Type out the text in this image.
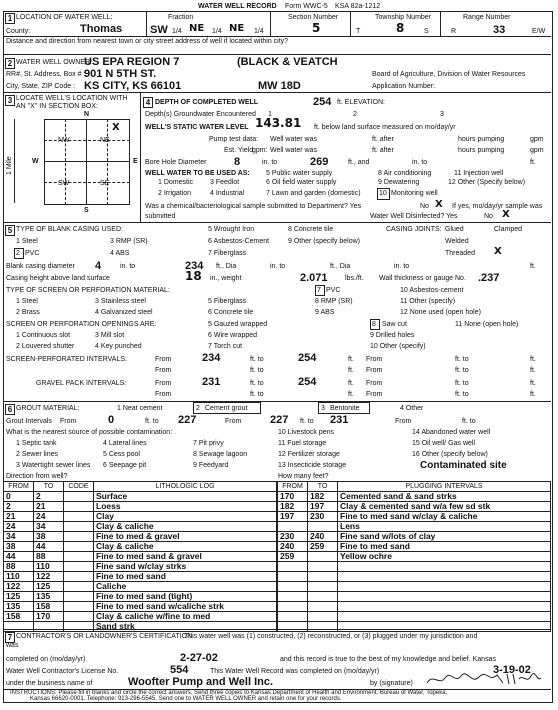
WATER WELL RECORD Form WWC-5 KSA 82a-1212
1 LOCATION OF WATER WELL:
County:	Thomas
Fraction
SW 1/4 NE 1/4 NE 1/4
Section Number
5
Township Number
T	8	S
Range Number
R	33	E/W
Distance and direction from nearest town or city street address of well if located within city?
2 WATER WELL OWNER:
US EPA REGION 7	(BLACK & VEATCH
RR#, St. Address, Box # :
901 N 5TH ST.	Board of Agriculture, Division of Water Resources
City, State, ZIP Code : KS CITY, KS 66101	MW 18D	Application Number:
3 LOCATE WELL'S LOCATION WITH AN "X" IN SECTION BOX:
N
NW	NE
SW	SE
X
W	E
S
1 Mile
4 DEPTH OF COMPLETED WELL	254 ft. ELEVATION:
Depth(s) Groundwater Encountered 1	2	3
WELL'S STATIC WATER LEVEL 143.81 ft. below land surface measured on mo/day/yr
Pump test data: Well water was	ft. after	hours pumping	gpm
Est. Yield
gpm: Well water was	ft. after	hours pumping	gpm
Bore Hole Diameter	8	in. to	269	ft., and	in. to	ft.
WELL WATER TO BE USED AS: 5 Public water supply	8 Air conditioning	11 Injection well
1 Domestic 3 Feedlot	6 Oil field water supply	9 Dewatering	12 Other (Specify below)
2 Irrigation	4 Industrial	7 Lawn and garden (domestic)	10 Monitoring well
Was a chemical/bacteriological sample submitted to Department? Yes	No X If yes, mo/day/yr sample was
submitted	Water Well Disinfected? Yes	No X
5 TYPE OF BLANK CASING USED:	5 Wrought Iron	8 Concrete tile	CASING JOINTS: Glued	Clamped
1 Steel	3 RMP (SR)	6 Asbestos-Cement	9 Other (specify below)	Welded
2 PVC	4 ABS	7 Fiberglass	Threaded X
Blank casing diameter 4	in. to	234 ft., Dia	in. to	ft., Dia	in. to	ft.
Casing height above land surface	18 in., weight	2.071 lbs./ft. Wall thickness or gauge No. .237
TYPE OF SCREEN OR PERFORATION MATERIAL:	7 PVC
1 Steel	3 Stainless steel	5 Fiberglass	8 RMP (SR)
10 Asbestos-cement
2 Brass	4 Galvanized steel	6 Concrete tile	9 ABS
11 Other (specify)
12 None used (open hole)
SCREEN OR PERFORATION OPENINGS ARE:	5 Gauzed wrapped	8 Saw cut	11 None (open hole)
1 Continuous slot	3 Mill slot	6 Wire wrapped	9 Drilled holes
2 Louvered shutter	4 Key punched	7 Torch cut	10 Other (specify)
SCREEN-PERFORATED INTERVALS:	From	234	ft. to	254	ft. From	ft. to	ft.
From	ft. to	ft. From	ft. to	ft.
GRAVEL PACK INTERVALS:	From	231	ft. to	254	ft. From	ft. to	ft.
From	ft. to	ft. From	ft. to	ft.
6 GROUT MATERIAL:	1 Neat cement	2 Cement grout	3 Bentonite	4 Other
Grout Intervals From	0	ft. to 227	From	227 ft. to 231	From	ft. to
What is the nearest source of possible contamination:	10 Livestock pens	14 Abandoned water well
1 Septic tank	4 Lateral lines	7 Pit privy	11 Fuel storage	15 Oil well/ Gas well
2 Sewer lines	5 Cess pool	8 Sewage lagoon	12 Fertilizer storage	16 Other (specify below)
3 Watertight sewer lines 6 Seepage pit	9 Feedyard	13 Insecticide storage	Contaminated site
Direction from well?	How many feet?
FROM	TO	CODE	LITHOLOGIC LOG
0	2		Surface
2	21		Loess
21	24		Clay
24	34		Clay & caliche
34	38		Fine to med & gravel
38	44		Clay & caliche
44	88		Fine to med sand & gravel
88	110		Fine sand w/clay strks
110	122		Fine to med sand
122	125		Caliche
125	135		Fine to med sand (tight)
135	158		Fine to med sand w/caliche strk
158	170		Clay & caliche w/fine to med
			Sand strk
FROM	TO	PLUGGING INTERVALS
170	182	Cemented sand & sand strks
182	197	Clay & cemented sand w/a few sd stk
197	230	Fine to med sand w/clay & caliche
		Lens
230	240	Fine sand w/lots of clay
240	259	Fine to med sand
259		Yellow ochre

7 CONTRACTOR'S OR LANDOWNER'S CERTIFICATION:
This water well was (1) constructed, (2) reconstructed, or (3) plugged under my jurisdiction and
was
completed on (mo/day/yr)	2-27-02	and this record is true to the best of my knowledge and belief. Kansas
Water Well Contractor's License No.	554	This Water Well Record was completed on (mo/day/yr)	3-19-02
under the business name of	Woofter Pump and Well Inc.	by (signature)
INSTRUCTIONS: Please fill in blanks and circle the correct answers. Send three copies to Kansas Department of Health and Environment, Bureau of Water, Topeka,
Kansas 66620-0001. Telephone: 913-296-5545. Send one to WATER WELL OWNER and retain one for your records.
